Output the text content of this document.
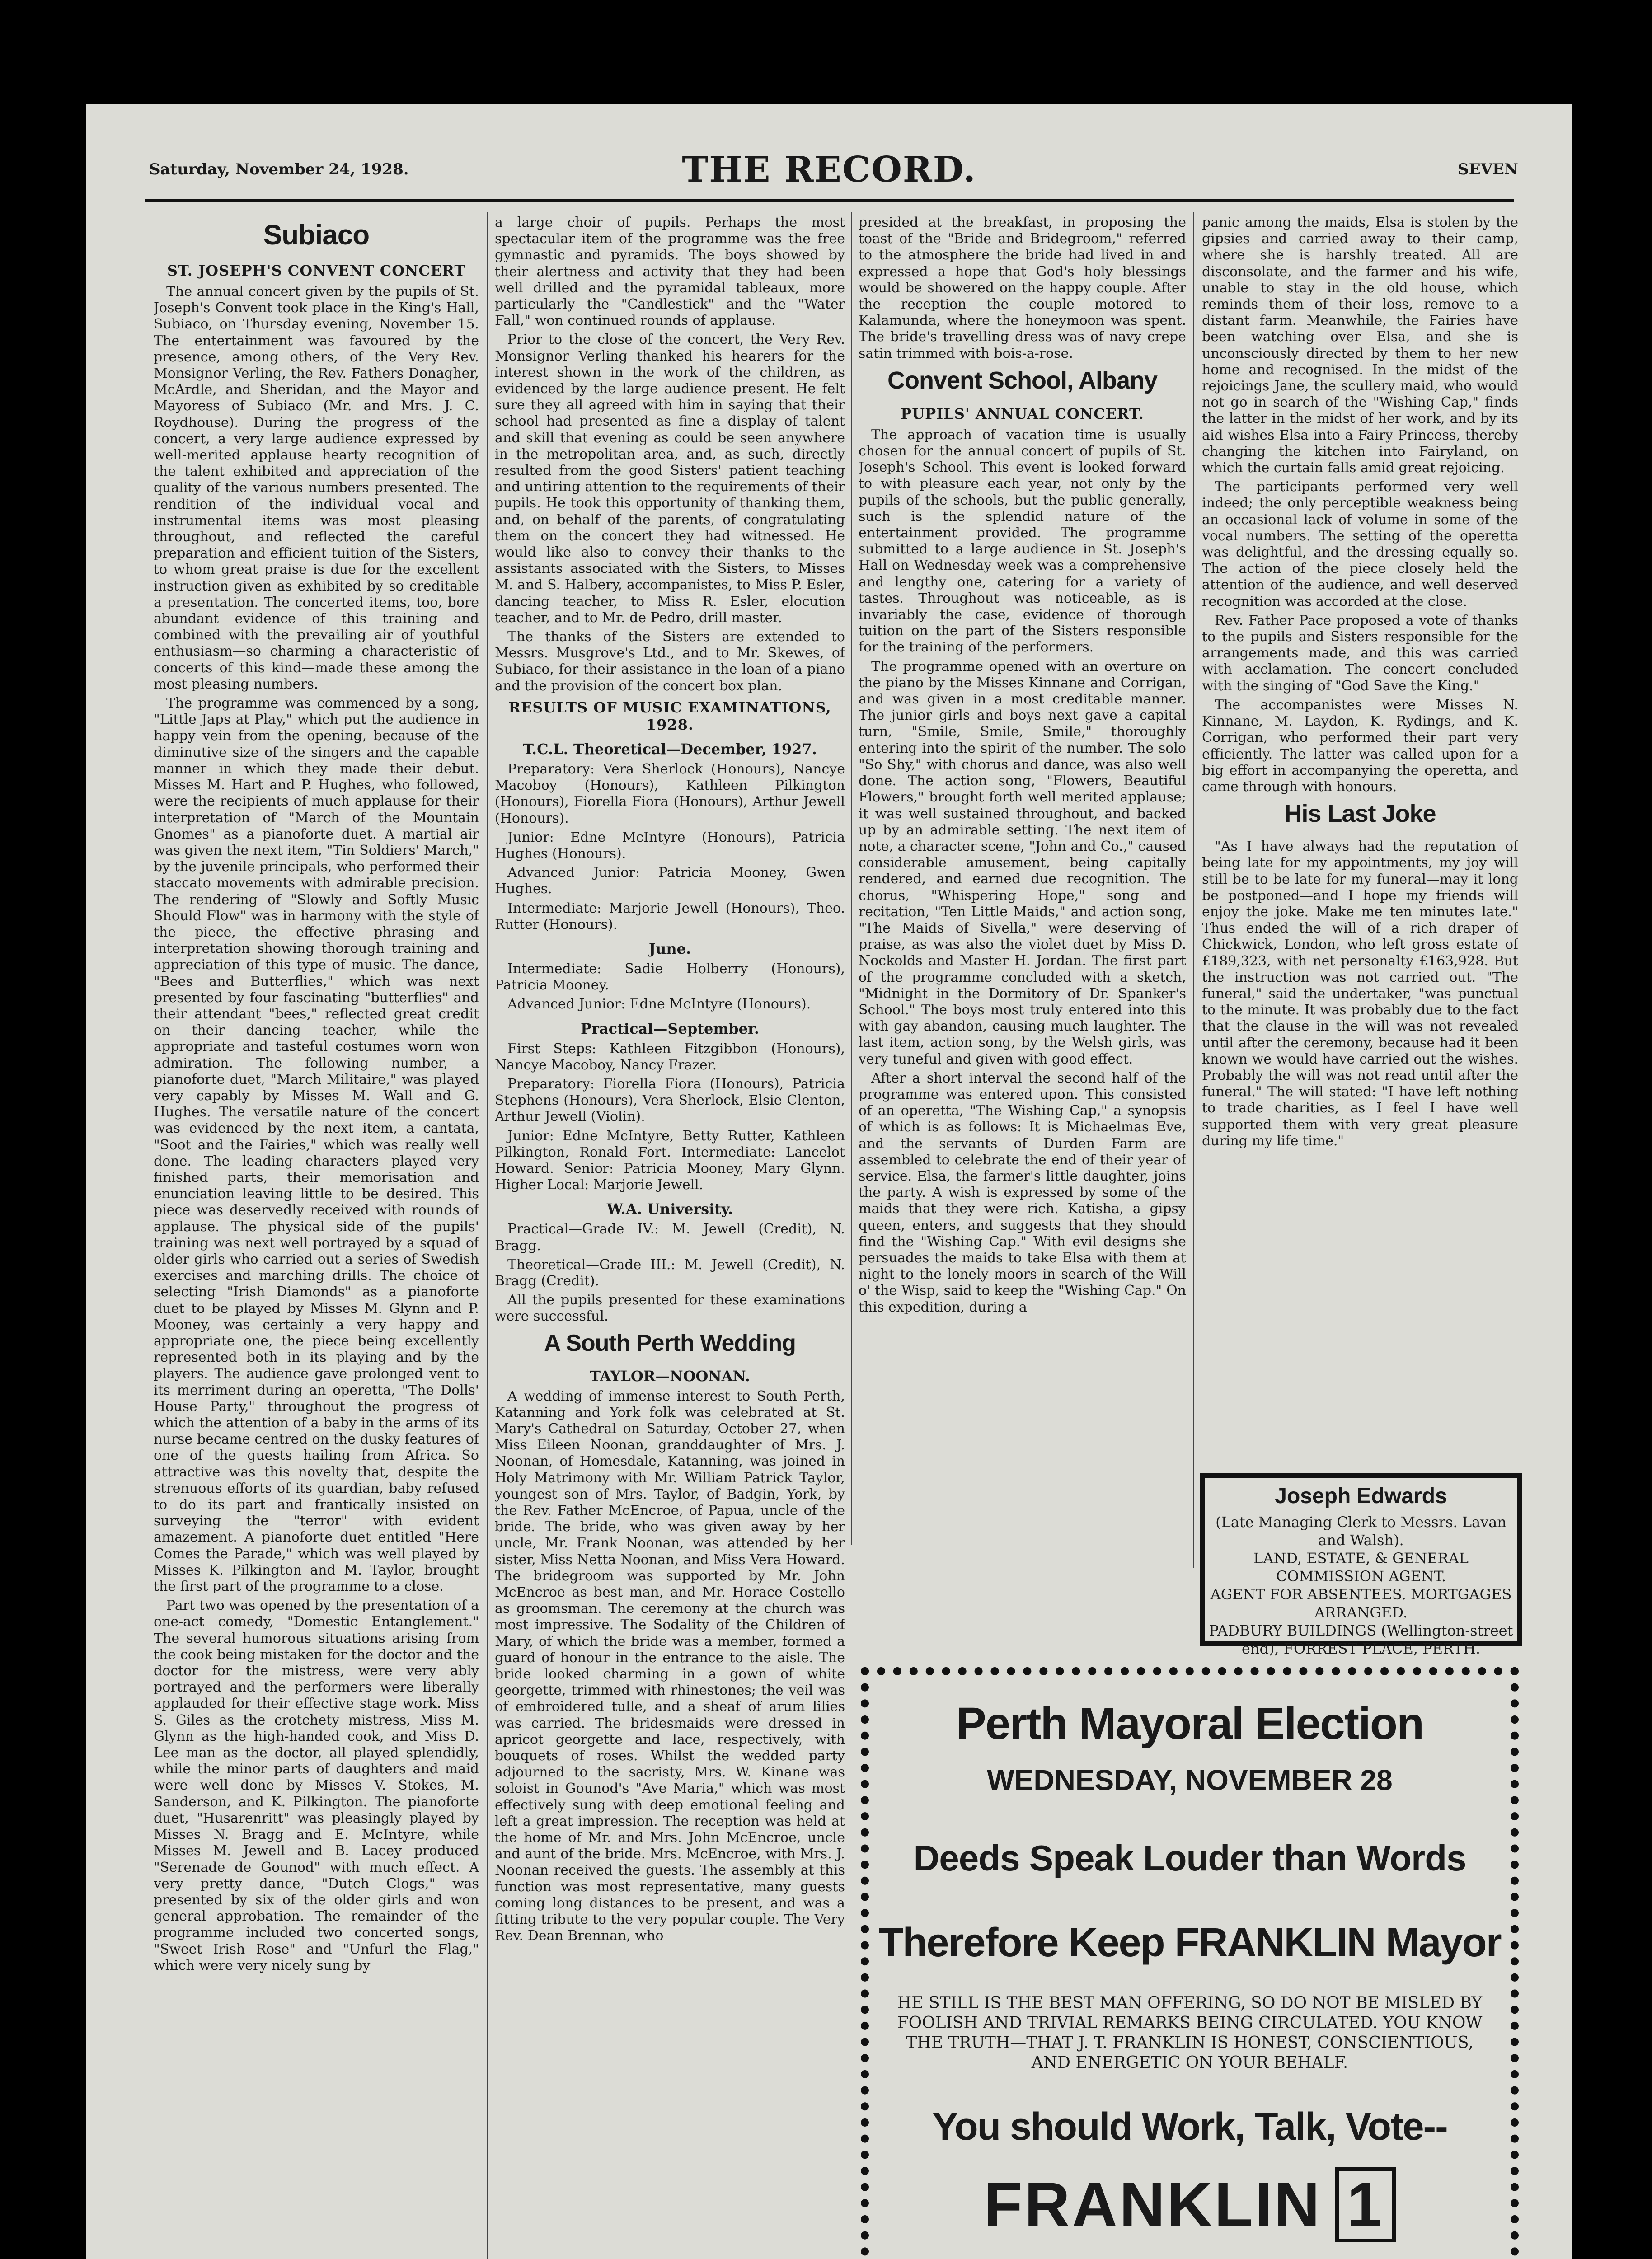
Saturday, November 24, 1928.	THE RECORD.	SEVEN
Subiaco
ST. JOSEPH'S CONVENT CONCERT

The annual concert given by the pupils of St. Joseph's Convent took place in the King's Hall, Subiaco, on Thursday evening, November 15. The entertainment was favoured by the presence, among others, of the Very Rev. Monsignor Verling, the Rev. Fathers Donagher, McArdle, and Sheridan, and the Mayor and Mayoress of Subiaco (Mr. and Mrs. J. C. Roydhouse). During the progress of the concert, a very large audience expressed by well-merited applause hearty recognition of the talent exhibited and appreciation of the quality of the various numbers presented. The rendition of the individual vocal and instrumental items was most pleasing throughout, and reflected the careful preparation and efficient tuition of the Sisters, to whom great praise is due for the excellent instruction given as exhibited by so creditable a presentation. The concerted items, too, bore abundant evidence of this training and combined with the prevailing air of youthful enthusiasm—so charming a characteristic of concerts of this kind—made these among the most pleasing numbers.

The programme was commenced by a song, "Little Japs at Play," which put the audience in happy vein from the opening, because of the diminutive size of the singers and the capable manner in which they made their debut. Misses M. Hart and P. Hughes, who followed, were the recipients of much applause for their interpretation of "March of the Mountain Gnomes" as a pianoforte duet. A martial air was given the next item, "Tin Soldiers' March," by the juvenile principals, who performed their staccato movements with admirable precision. The rendering of "Slowly and Softly Music Should Flow" was in harmony with the style of the piece, the effective phrasing and interpretation showing thorough training and appreciation of this type of music. The dance, "Bees and Butterflies," which was next presented by four fascinating "butterflies" and their attendant "bees," reflected great credit on their dancing teacher, while the appropriate and tasteful costumes worn won admiration. The following number, a pianoforte duet, "March Militaire," was played very capably by Misses M. Wall and G. Hughes. The versatile nature of the concert was evidenced by the next item, a cantata, "Soot and the Fairies," which was really well done. The leading characters played very finished parts, their memorisation and enunciation leaving little to be desired. This piece was deservedly received with rounds of applause. The physical side of the pupils' training was next well portrayed by a squad of older girls who carried out a series of Swedish exercises and marching drills. The choice of selecting "Irish Diamonds" as a pianoforte duet to be played by Misses M. Glynn and P. Mooney, was certainly a very happy and appropriate one, the piece being excellently represented both in its playing and by the players. The audience gave prolonged vent to its merriment during an operetta, "The Dolls' House Party," throughout the progress of which the attention of a baby in the arms of its nurse became centred on the dusky features of one of the guests hailing from Africa. So attractive was this novelty that, despite the strenuous efforts of its guardian, baby refused to do its part and frantically insisted on surveying the "terror" with evident amazement. A pianoforte duet entitled "Here Comes the Parade," which was well played by Misses K. Pilkington and M. Taylor, brought the first part of the programme to a close.

Part two was opened by the presentation of a one-act comedy, "Domestic Entanglement." The several humorous situations arising from the cook being mistaken for the doctor and the doctor for the mistress, were very ably portrayed and the performers were liberally applauded for their effective stage work. Miss S. Giles as the crotchety mistress, Miss M. Glynn as the high-handed cook, and Miss D. Lee man as the doctor, all played splendidly, while the minor parts of daughters and maid were well done by Misses V. Stokes, M. Sanderson, and K. Pilkington. The pianoforte duet, "Husarenritt" was pleasingly played by Misses N. Bragg and E. McIntyre, while Misses M. Jewell and B. Lacey produced "Serenade de Gounod" with much effect. A very pretty dance, "Dutch Clogs," was presented by six of the older girls and won general approbation. The remainder of the programme included two concerted songs, "Sweet Irish Rose" and "Unfurl the Flag," which were very nicely sung by

a large choir of pupils. Perhaps the most spectacular item of the programme was the free gymnastic and pyramids. The boys showed by their alertness and activity that they had been well drilled and the pyramidal tableaux, more particularly the "Candlestick" and the "Water Fall," won continued rounds of applause.

Prior to the close of the concert, the Very Rev. Monsignor Verling thanked his hearers for the interest shown in the work of the children, as evidenced by the large audience present. He felt sure they all agreed with him in saying that their school had presented as fine a display of talent and skill that evening as could be seen anywhere in the metropolitan area, and, as such, directly resulted from the good Sisters' patient teaching and untiring attention to the requirements of their pupils. He took this opportunity of thanking them, and, on behalf of the parents, of congratulating them on the concert they had witnessed. He would like also to convey their thanks to the assistants associated with the Sisters, to Misses M. and S. Halbery, accompanistes, to Miss P. Esler, dancing teacher, to Miss R. Esler, elocution teacher, and to Mr. de Pedro, drill master.

The thanks of the Sisters are extended to Messrs. Musgrove's Ltd., and to Mr. Skewes, of Subiaco, for their assistance in the loan of a piano and the provision of the concert box plan.

RESULTS OF MUSIC EXAMINATIONS, 1928.
T.C.L. Theoretical—December, 1927.

Preparatory: Vera Sherlock (Honours), Nancye Macoboy (Honours), Kathleen Pilkington (Honours), Fiorella Fiora (Honours), Arthur Jewell (Honours).

Junior: Edne McIntyre (Honours), Patricia Hughes (Honours).

Advanced Junior: Patricia Mooney, Gwen Hughes.

Intermediate: Marjorie Jewell (Honours), Theo. Rutter (Honours).

June.

Intermediate: Sadie Holberry (Honours), Patricia Mooney.

Advanced Junior: Edne McIntyre (Honours).

Practical—September.

First Steps: Kathleen Fitzgibbon (Honours), Nancye Macoboy, Nancy Frazer.

Preparatory: Fiorella Fiora (Honours), Patricia Stephens (Honours), Vera Sherlock, Elsie Clenton, Arthur Jewell (Violin).

Junior: Edne McIntyre, Betty Rutter, Kathleen Pilkington, Ronald Fort. Intermediate: Lancelot Howard. Senior: Patricia Mooney, Mary Glynn. Higher Local: Marjorie Jewell.

W.A. University.

Practical—Grade IV.: M. Jewell (Credit), N. Bragg.

Theoretical—Grade III.: M. Jewell (Credit), N. Bragg (Credit).

All the pupils presented for these examinations were successful.

A South Perth Wedding
TAYLOR—NOONAN.

A wedding of immense interest to South Perth, Katanning and York folk was celebrated at St. Mary's Cathedral on Saturday, October 27, when Miss Eileen Noonan, granddaughter of Mrs. J. Noonan, of Homesdale, Katanning, was joined in Holy Matrimony with Mr. William Patrick Taylor, youngest son of Mrs. Taylor, of Badgin, York, by the Rev. Father McEncroe, of Papua, uncle of the bride. The bride, who was given away by her uncle, Mr. Frank Noonan, was attended by her sister, Miss Netta Noonan, and Miss Vera Howard. The bridegroom was supported by Mr. John McEncroe as best man, and Mr. Horace Costello as groomsman. The ceremony at the church was most impressive. The Sodality of the Children of Mary, of which the bride was a member, formed a guard of honour in the entrance to the aisle. The bride looked charming in a gown of white georgette, trimmed with rhinestones; the veil was of embroidered tulle, and a sheaf of arum lilies was carried. The bridesmaids were dressed in apricot georgette and lace, respectively, with bouquets of roses. Whilst the wedded party adjourned to the sacristy, Mrs. W. Kinane was soloist in Gounod's "Ave Maria," which was most effectively sung with deep emotional feeling and left a great impression. The reception was held at the home of Mr. and Mrs. John McEncroe, uncle and aunt of the bride. Mrs. McEncroe, with Mrs. J. Noonan received the guests. The assembly at this function was most representative, many guests coming long distances to be present, and was a fitting tribute to the very popular couple. The Very Rev. Dean Brennan, who

presided at the breakfast, in proposing the toast of the "Bride and Bridegroom," referred to the atmosphere the bride had lived in and expressed a hope that God's holy blessings would be showered on the happy couple. After the reception the couple motored to Kalamunda, where the honeymoon was spent. The bride's travelling dress was of navy crepe satin trimmed with bois-a-rose.

Convent School, Albany
PUPILS' ANNUAL CONCERT.

The approach of vacation time is usually chosen for the annual concert of pupils of St. Joseph's School. This event is looked forward to with pleasure each year, not only by the pupils of the schools, but the public generally, such is the splendid nature of the entertainment provided. The programme submitted to a large audience in St. Joseph's Hall on Wednesday week was a comprehensive and lengthy one, catering for a variety of tastes. Throughout was noticeable, as is invariably the case, evidence of thorough tuition on the part of the Sisters responsible for the training of the performers.

The programme opened with an overture on the piano by the Misses Kinnane and Corrigan, and was given in a most creditable manner. The junior girls and boys next gave a capital turn, "Smile, Smile, Smile," thoroughly entering into the spirit of the number. The solo "So Shy," with chorus and dance, was also well done. The action song, "Flowers, Beautiful Flowers," brought forth well merited applause; it was well sustained throughout, and backed up by an admirable setting. The next item of note, a character scene, "John and Co.," caused considerable amusement, being capitally rendered, and earned due recognition. The chorus, "Whispering Hope," song and recitation, "Ten Little Maids," and action song, "The Maids of Sivella," were deserving of praise, as was also the violet duet by Miss D. Nockolds and Master H. Jordan. The first part of the programme concluded with a sketch, "Midnight in the Dormitory of Dr. Spanker's School." The boys most truly entered into this with gay abandon, causing much laughter. The last item, action song, by the Welsh girls, was very tuneful and given with good effect.

After a short interval the second half of the programme was entered upon. This consisted of an operetta, "The Wishing Cap," a synopsis of which is as follows: It is Michaelmas Eve, and the servants of Durden Farm are assembled to celebrate the end of their year of service. Elsa, the farmer's little daughter, joins the party. A wish is expressed by some of the maids that they were rich. Katisha, a gipsy queen, enters, and suggests that they should find the "Wishing Cap." With evil designs she persuades the maids to take Elsa with them at night to the lonely moors in search of the Will o' the Wisp, said to keep the "Wishing Cap." On this expedition, during a

panic among the maids, Elsa is stolen by the gipsies and carried away to their camp, where she is harshly treated. All are disconsolate, and the farmer and his wife, unable to stay in the old house, which reminds them of their loss, remove to a distant farm. Meanwhile, the Fairies have been watching over Elsa, and she is unconsciously directed by them to her new home and recognised. In the midst of the rejoicings Jane, the scullery maid, who would not go in search of the "Wishing Cap," finds the latter in the midst of her work, and by its aid wishes Elsa into a Fairy Princess, thereby changing the kitchen into Fairyland, on which the curtain falls amid great rejoicing.

The participants performed very well indeed; the only perceptible weakness being an occasional lack of volume in some of the vocal numbers. The setting of the operetta was delightful, and the dressing equally so. The action of the piece closely held the attention of the audience, and well deserved recognition was accorded at the close.

Rev. Father Pace proposed a vote of thanks to the pupils and Sisters responsible for the arrangements made, and this was carried with acclamation. The concert concluded with the singing of "God Save the King."

The accompanistes were Misses N. Kinnane, M. Laydon, K. Rydings, and K. Corrigan, who performed their part very efficiently. The latter was called upon for a big effort in accompanying the operetta, and came through with honours.

His Last Joke

"As I have always had the reputation of being late for my appointments, my joy will still be to be late for my funeral—may it long be postponed—and I hope my friends will enjoy the joke. Make me ten minutes late." Thus ended the will of a rich draper of Chickwick, London, who left gross estate of £189,323, with net personalty £163,928. But the instruction was not carried out. "The funeral," said the undertaker, "was punctual to the minute. It was probably due to the fact that the clause in the will was not revealed until after the ceremony, because had it been known we would have carried out the wishes. Probably the will was not read until after the funeral." The will stated: "I have left nothing to trade charities, as I feel I have well supported them with very great pleasure during my life time."

Joseph Edwards
(Late Managing Clerk to Messrs. Lavan and Walsh).
LAND, ESTATE, & GENERAL COMMISSION AGENT.
AGENT FOR ABSENTEES. MORTGAGES ARRANGED.
PADBURY BUILDINGS (Wellington-street end), FORREST PLACE, PERTH.
Perth Mayoral Election
WEDNESDAY, NOVEMBER 28
Deeds Speak Louder than Words
Therefore Keep FRANKLIN Mayor
HE STILL IS THE BEST MAN OFFERING, SO DO NOT BE MISLED BY FOOLISH AND TRIVIAL REMARKS BEING CIRCULATED. YOU KNOW THE TRUTH—THAT J. T. FRANKLIN IS HONEST, CONSCIENTIOUS, AND ENERGETIC ON YOUR BEHALF.
You should Work, Talk, Vote--
FRANKLIN 1
